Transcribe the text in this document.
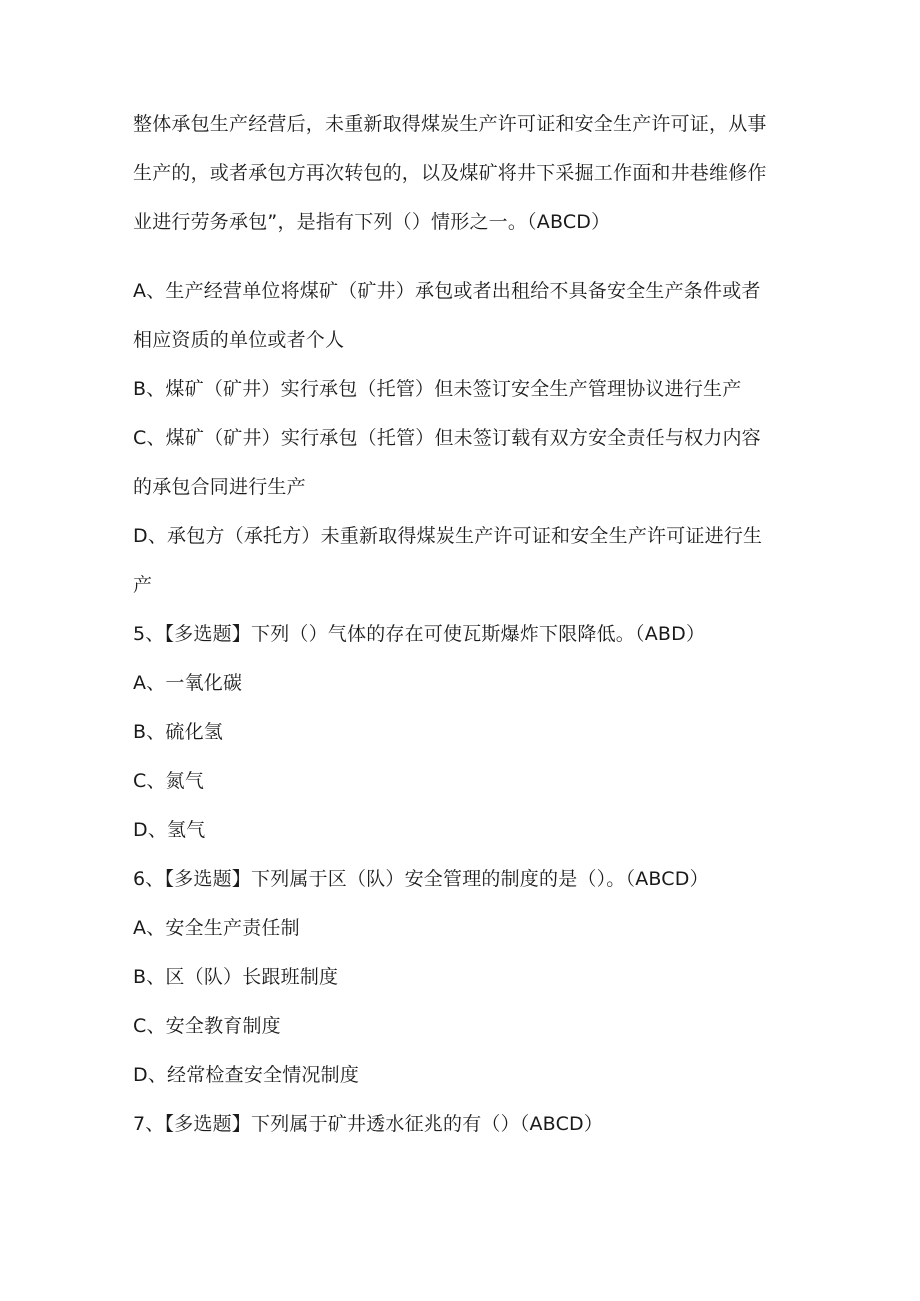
整体承包生产经营后，未重新取得煤炭生产许可证和安全生产许可证，从事
生产的，或者承包方再次转包的，以及煤矿将井下采掘工作面和井巷维修作
业进行劳务承包”，是指有下列（）情形之一。（ABCD）
A、生产经营单位将煤矿（矿井）承包或者出租给不具备安全生产条件或者
相应资质的单位或者个人
B、煤矿（矿井）实行承包（托管）但未签订安全生产管理协议进行生产
C、煤矿（矿井）实行承包（托管）但未签订载有双方安全责任与权力内容
的承包合同进行生产
D、承包方（承托方）未重新取得煤炭生产许可证和安全生产许可证进行生
产
5、【多选题】下列（）气体的存在可使瓦斯爆炸下限降低。（ABD）
A、一氧化碳
B、硫化氢
C、氮气
D、氢气
6、【多选题】下列属于区（队）安全管理的制度的是（）。（ABCD）
A、安全生产责任制
B、区（队）长跟班制度
C、安全教育制度
D、经常检查安全情况制度
7、【多选题】下列属于矿井透水征兆的有（）（ABCD）
